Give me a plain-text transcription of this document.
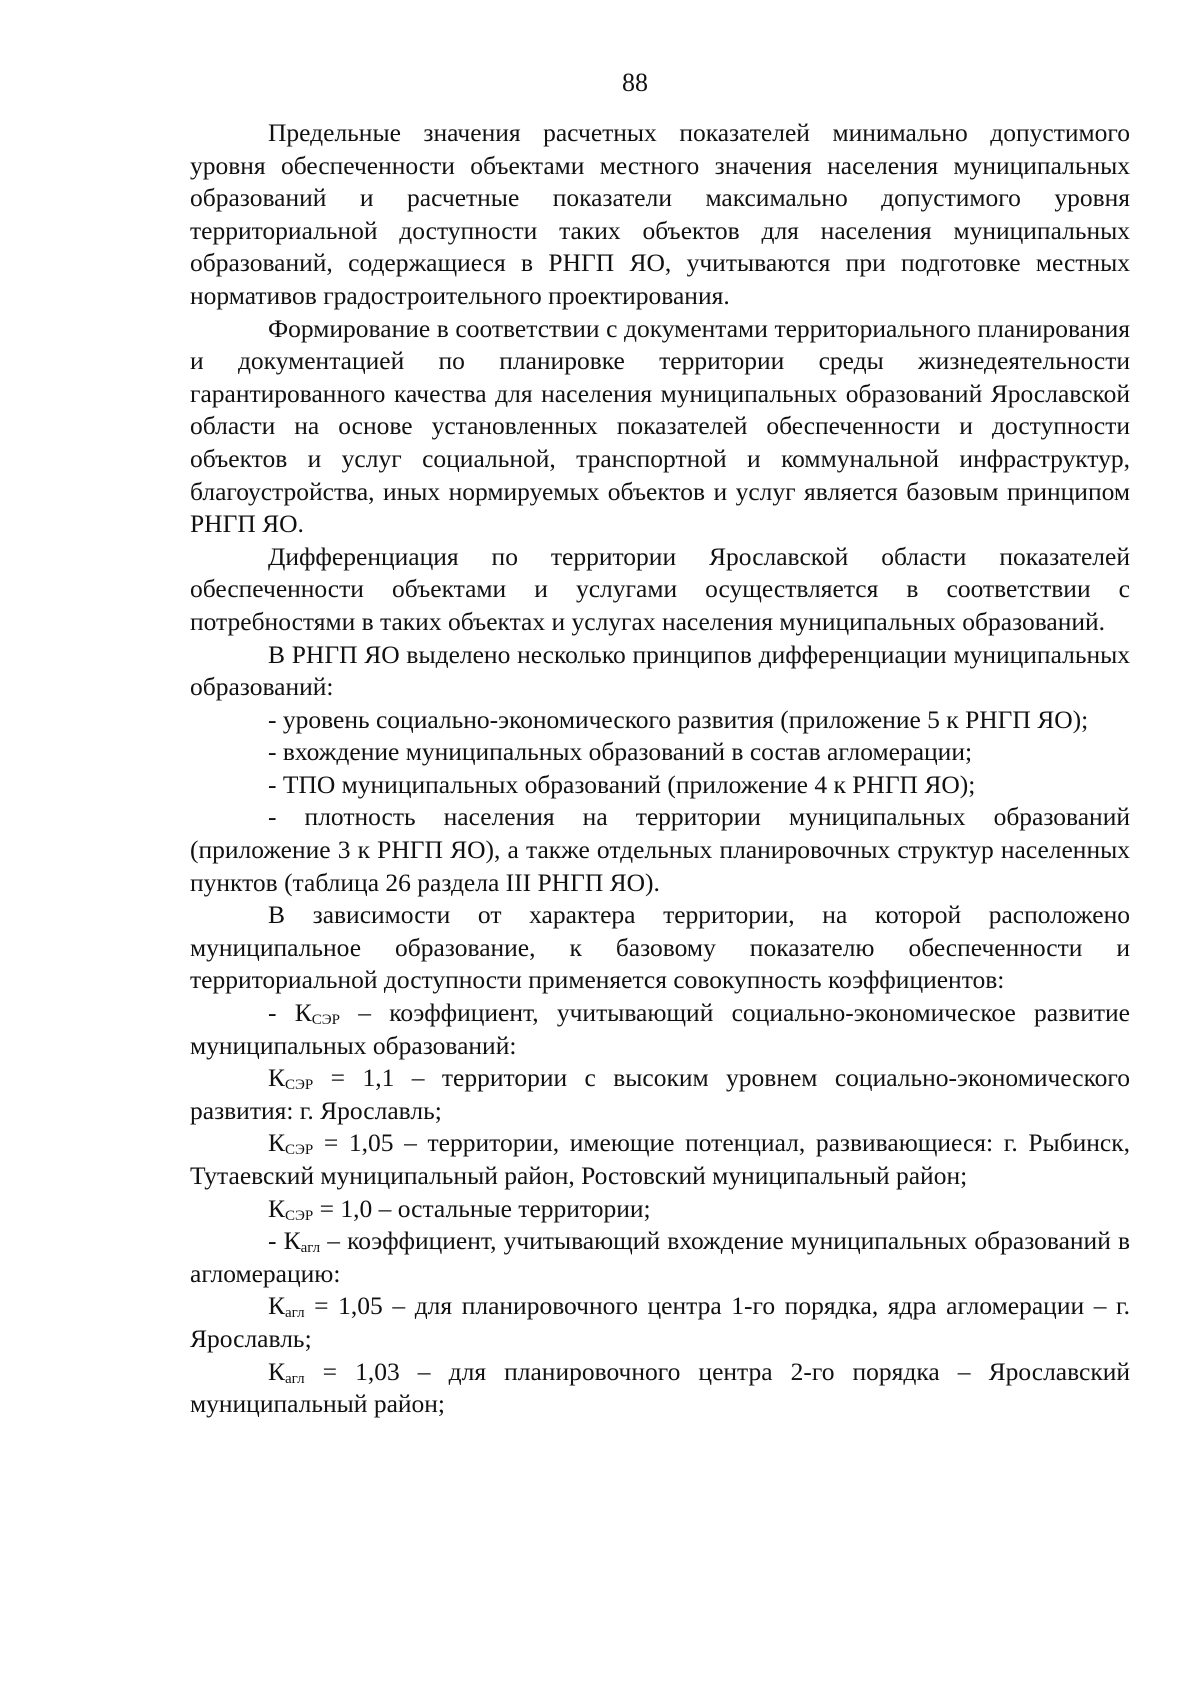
88

Предельные значения расчетных показателей минимально допустимого уровня обеспеченности объектами местного значения населения муниципальных образований и расчетные показатели максимально допустимого уровня территориальной доступности таких объектов для населения муниципальных образований, содержащиеся в РНГП ЯО, учитываются при подготовке местных нормативов градостроительного проектирования.

Формирование в соответствии с документами территориального планирования и документацией по планировке территории среды жизнедеятельности гарантированного качества для населения муниципальных образований Ярославской области на основе установленных показателей обеспеченности и доступности объектов и услуг социальной, транспортной и коммунальной инфраструктур, благоустройства, иных нормируемых объектов и услуг является базовым принципом РНГП ЯО.

Дифференциация по территории Ярославской области показателей обеспеченности объектами и услугами осуществляется в соответствии с потребностями в таких объектах и услугах населения муниципальных образований.

В РНГП ЯО выделено несколько принципов дифференциации муниципальных образований:

- уровень социально-экономического развития (приложение 5 к РНГП ЯО);

- вхождение муниципальных образований в состав агломерации;

- ТПО муниципальных образований (приложение 4 к РНГП ЯО);

- плотность населения на территории муниципальных образований (приложение 3 к РНГП ЯО), а также отдельных планировочных структур населенных пунктов (таблица 26 раздела III РНГП ЯО).

В зависимости от характера территории, на которой расположено муниципальное образование, к базовому показателю обеспеченности и территориальной доступности применяется совокупность коэффициентов:

- $К_{СЭР}$ – коэффициент, учитывающий социально-экономическое развитие муниципальных образований:

$К_{СЭР} = 1,1$ – территории с высоким уровнем социально-экономического развития: г. Ярославль;

$К_{СЭР} = 1,05$ – территории, имеющие потенциал, развивающиеся: г. Рыбинск, Тутаевский муниципальный район, Ростовский муниципальный район;

$К_{СЭР} = 1,0$ – остальные территории;

- $К_{агл}$ – коэффициент, учитывающий вхождение муниципальных образований в агломерацию:

$К_{агл} = 1,05$ – для планировочного центра 1-го порядка, ядра агломерации – г. Ярославль;

$К_{агл} = 1,03$ – для планировочного центра 2-го порядка – Ярославский муниципальный район;
